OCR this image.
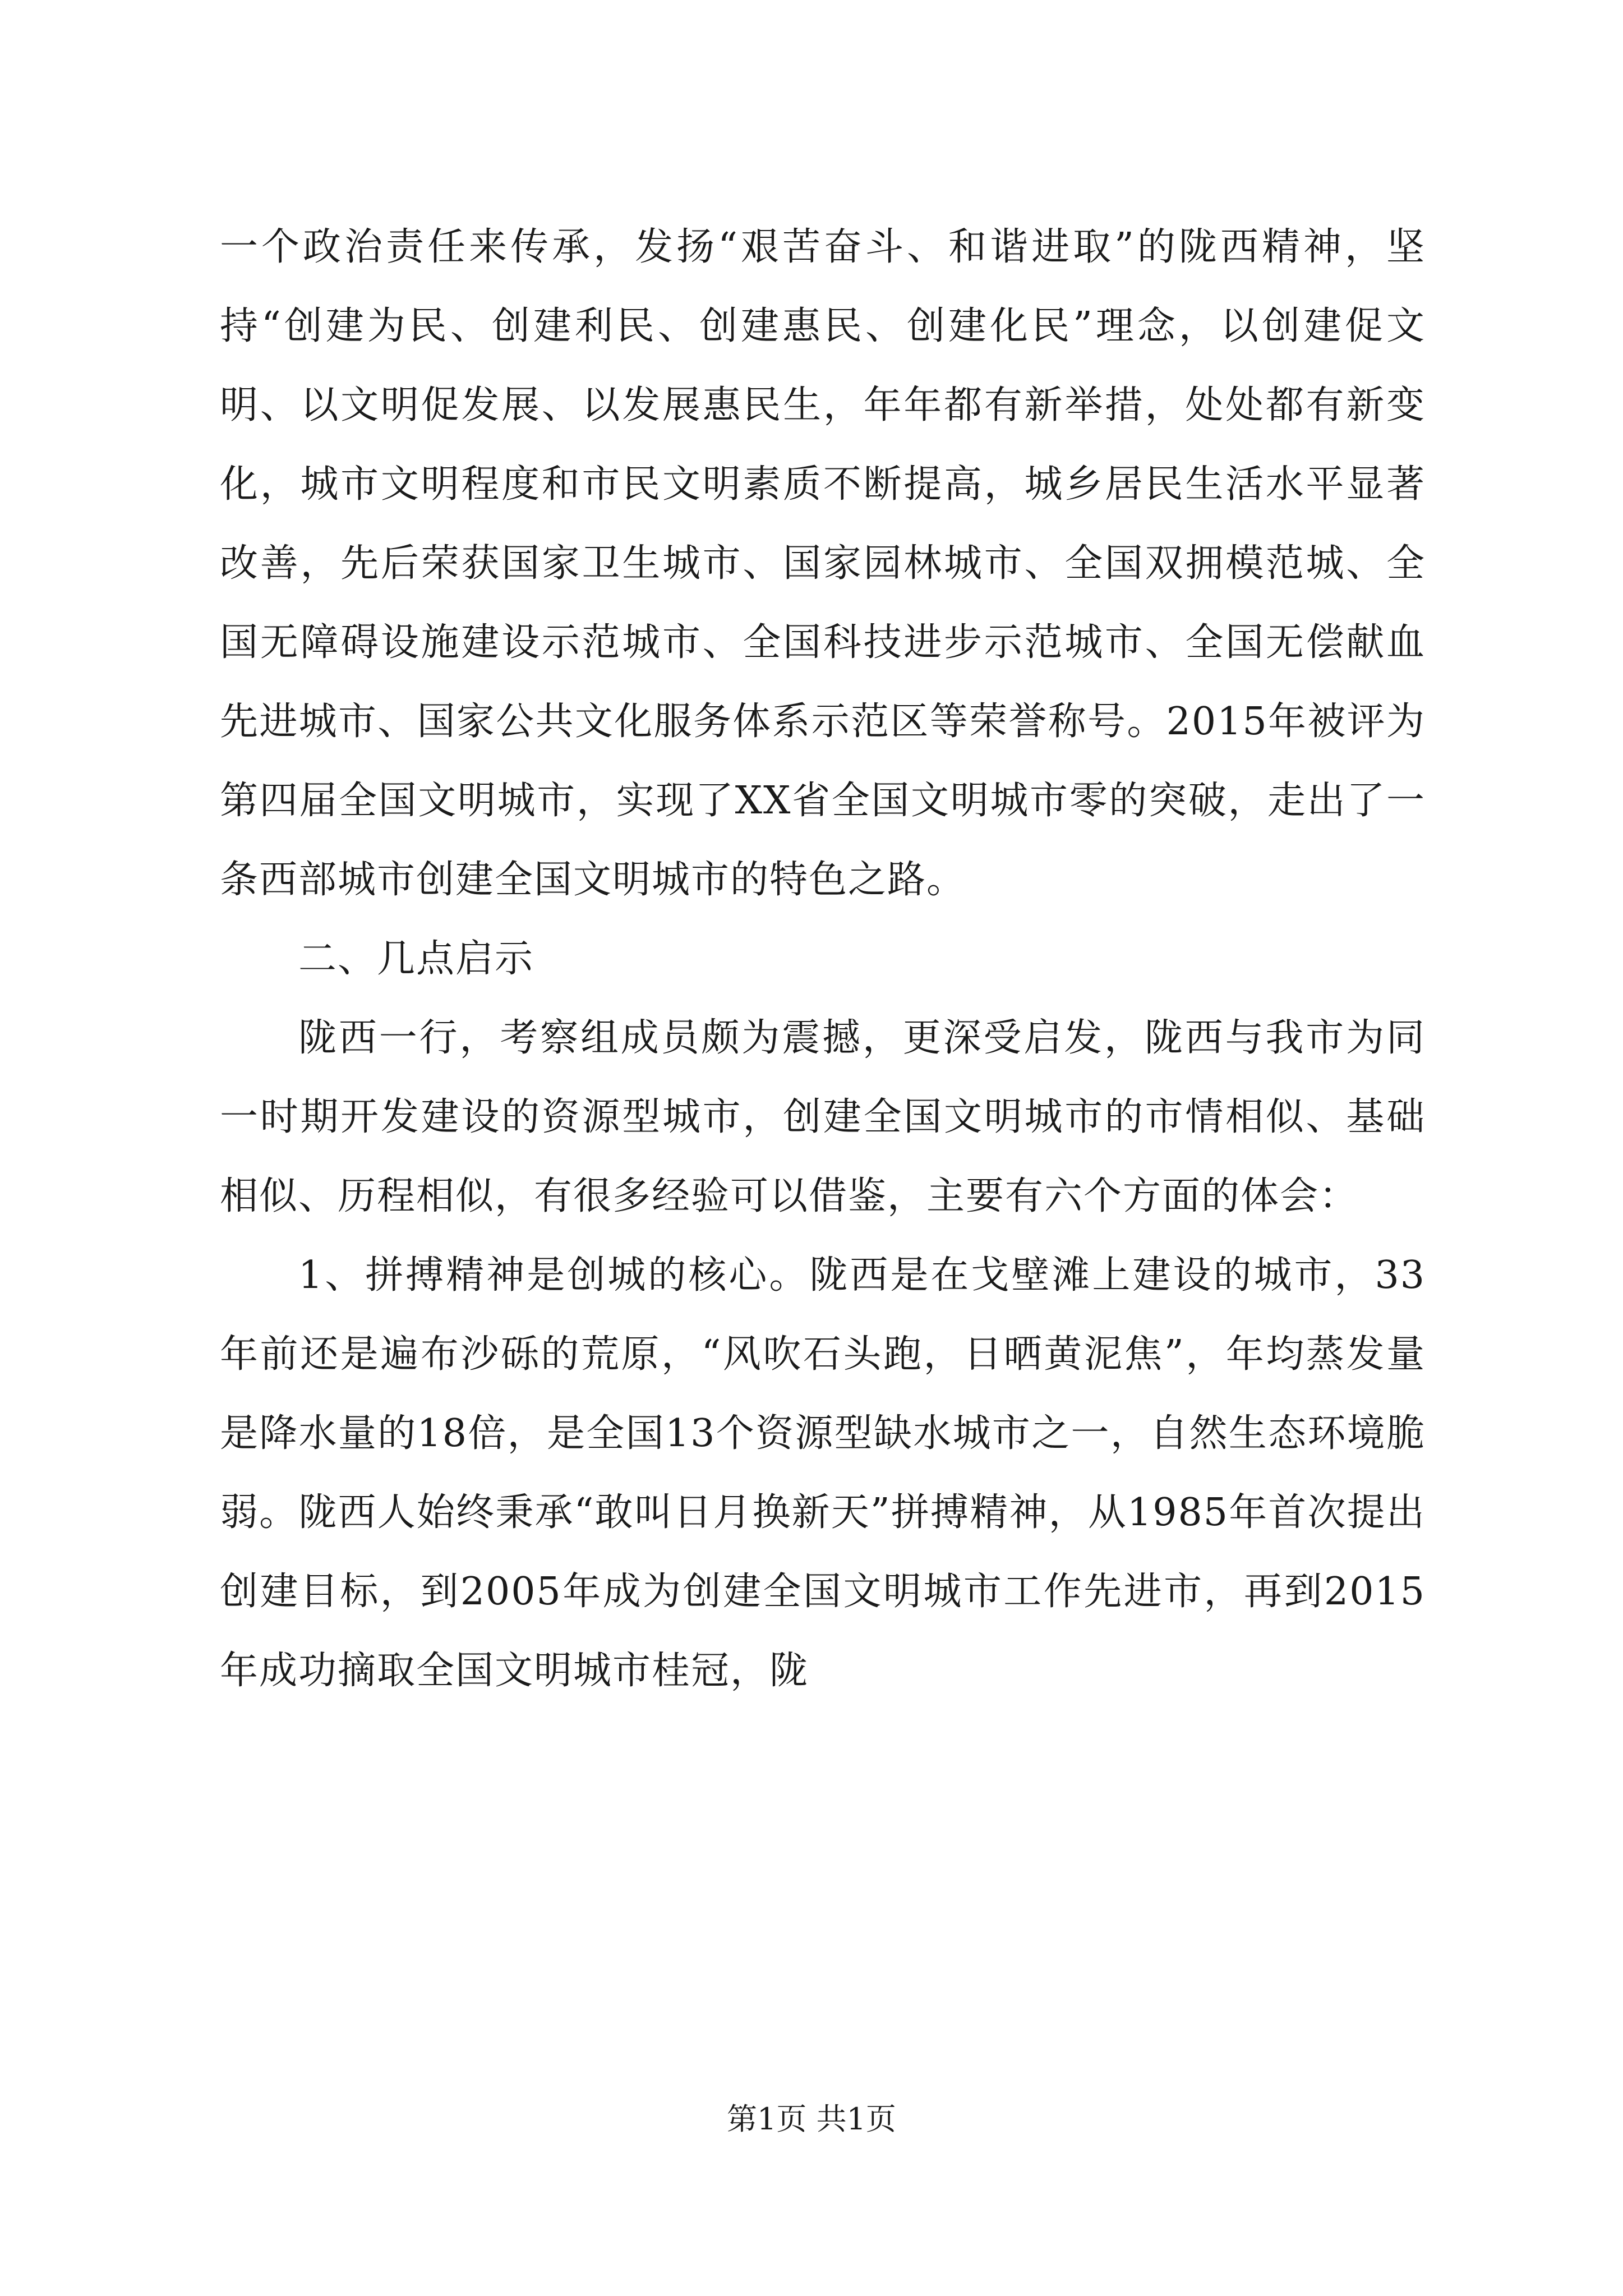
一个政治责任来传承，发扬“艰苦奋斗、和谐进取”的陇西精神，坚持“创建为民、创建利民、创建惠民、创建化民”理念，以创建促文明、以文明促发展、以发展惠民生，年年都有新举措，处处都有新变化，城市文明程度和市民文明素质不断提高，城乡居民生活水平显著改善，先后荣获国家卫生城市、国家园林城市、全国双拥模范城、全国无障碍设施建设示范城市、全国科技进步示范城市、全国无偿献血先进城市、国家公共文化服务体系示范区等荣誉称号。2015年被评为第四届全国文明城市，实现了XX省全国文明城市零的突破，走出了一条西部城市创建全国文明城市的特色之路。

二、几点启示

陇西一行，考察组成员颇为震撼，更深受启发，陇西与我市为同一时期开发建设的资源型城市，创建全国文明城市的市情相似、基础相似、历程相似，有很多经验可以借鉴，主要有六个方面的体会：

1、拼搏精神是创城的核心。陇西是在戈壁滩上建设的城市，33年前还是遍布沙砾的荒原，“风吹石头跑，日晒黄泥焦”，年均蒸发量是降水量的18倍，是全国13个资源型缺水城市之一，自然生态环境脆弱。陇西人始终秉承“敢叫日月换新天”拼搏精神，从1985年首次提出创建目标，到2005年成为创建全国文明城市工作先进市，再到2015年成功摘取全国文明城市桂冠，陇

第1页 共1页
